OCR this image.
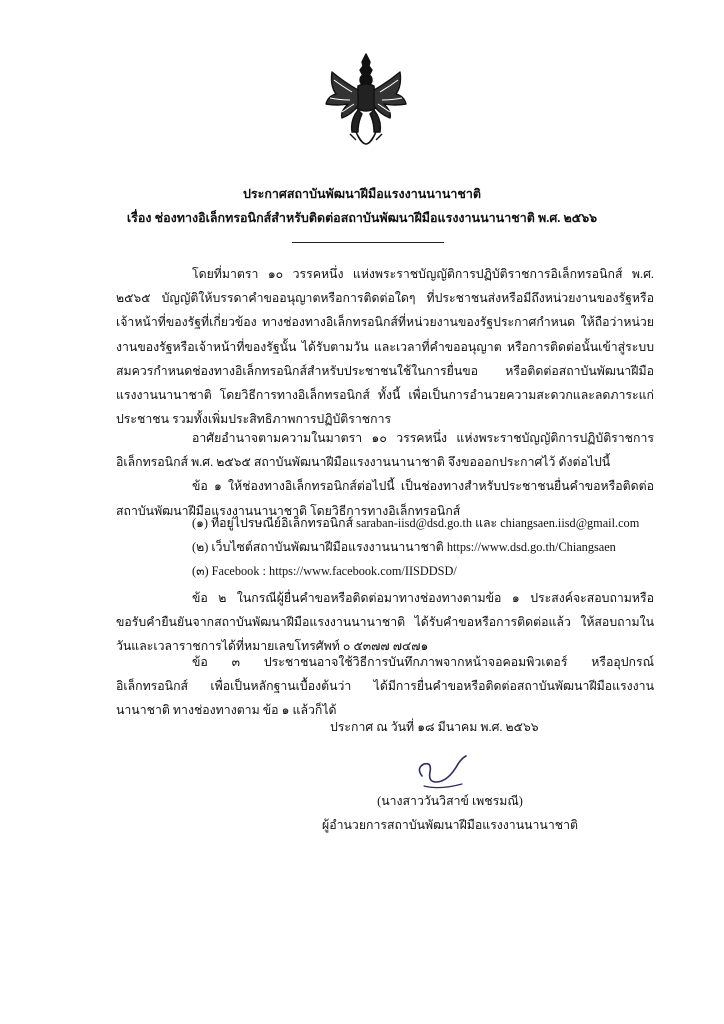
ประกาศสถาบันพัฒนาฝีมือแรงงานนานาชาติ
เรื่อง ช่องทางอิเล็กทรอนิกส์สำหรับติดต่อสถาบันพัฒนาฝีมือแรงงานนานาชาติ พ.ศ. ๒๕๖๖

โดยที่มาตรา ๑๐ วรรคหนึ่ง แห่งพระราชบัญญัติการปฏิบัติราชการอิเล็กทรอนิกส์ พ.ศ. ๒๕๖๕ บัญญัติให้บรรดาคำขออนุญาตหรือการติดต่อใดๆ ที่ประชาชนส่งหรือมีถึงหน่วยงานของรัฐหรือเจ้าหน้าที่ของรัฐที่เกี่ยวข้อง ทางช่องทางอิเล็กทรอนิกส์ที่หน่วยงานของรัฐประกาศกำหนด ให้ถือว่าหน่วยงานของรัฐหรือเจ้าหน้าที่ของรัฐนั้น ได้รับตามวัน และเวลาที่คำขออนุญาต หรือการติดต่อนั้นเข้าสู่ระบบ สมควรกำหนดช่องทางอิเล็กทรอนิกส์สำหรับประชาชนใช้ในการยื่นขอ หรือติดต่อสถาบันพัฒนาฝีมือแรงงานนานาชาติ โดยวิธีการทางอิเล็กทรอนิกส์ ทั้งนี้ เพื่อเป็นการอำนวยความสะดวกและลดภาระแก่ประชาชน รวมทั้งเพิ่มประสิทธิภาพการปฏิบัติราชการ

อาศัยอำนาจตามความในมาตรา ๑๐ วรรคหนึ่ง แห่งพระราชบัญญัติการปฏิบัติราชการอิเล็กทรอนิกส์ พ.ศ. ๒๕๖๕ สถาบันพัฒนาฝีมือแรงงานนานาชาติ จึงขอออกประกาศไว้ ดังต่อไปนี้

ข้อ ๑ ให้ช่องทางอิเล็กทรอนิกส์ต่อไปนี้ เป็นช่องทางสำหรับประชาชนยื่นคำขอหรือติดต่อสถาบันพัฒนาฝีมือแรงงานนานาชาติ โดยวิธีการทางอิเล็กทรอนิกส์

(๑) ที่อยู่ไปรษณีย์อิเล็กทรอนิกส์ saraban-iisd@dsd.go.th และ chiangsaen.iisd@gmail.com
(๒) เว็บไซต์สถาบันพัฒนาฝีมือแรงงานนานาชาติ https://www.dsd.go.th/Chiangsaen
(๓) Facebook : https://www.facebook.com/IISDDSD/

ข้อ ๒ ในกรณีผู้ยื่นคำขอหรือติดต่อมาทางช่องทางตามข้อ ๑ ประสงค์จะสอบถามหรือขอรับคำยืนยันจากสถาบันพัฒนาฝีมือแรงงานนานาชาติ ได้รับคำขอหรือการติดต่อแล้ว ให้สอบถามในวันและเวลาราชการได้ที่หมายเลขโทรศัพท์ ๐ ๕๓๗๗ ๗๔๗๑

ข้อ ๓ ประชาชนอาจใช้วิธีการบันทึกภาพจากหน้าจอคอมพิวเตอร์ หรืออุปกรณ์อิเล็กทรอนิกส์ เพื่อเป็นหลักฐานเบื้องต้นว่า ได้มีการยื่นคำขอหรือติดต่อสถาบันพัฒนาฝีมือแรงงานนานาชาติ ทางช่องทางตาม ข้อ ๑ แล้วก็ได้

ประกาศ ณ วันที่ ๑๘ มีนาคม พ.ศ. ๒๕๖๖
(นางสาววันวิสาข์ เพชรมณี)
ผู้อำนวยการสถาบันพัฒนาฝีมือแรงงานนานาชาติ
